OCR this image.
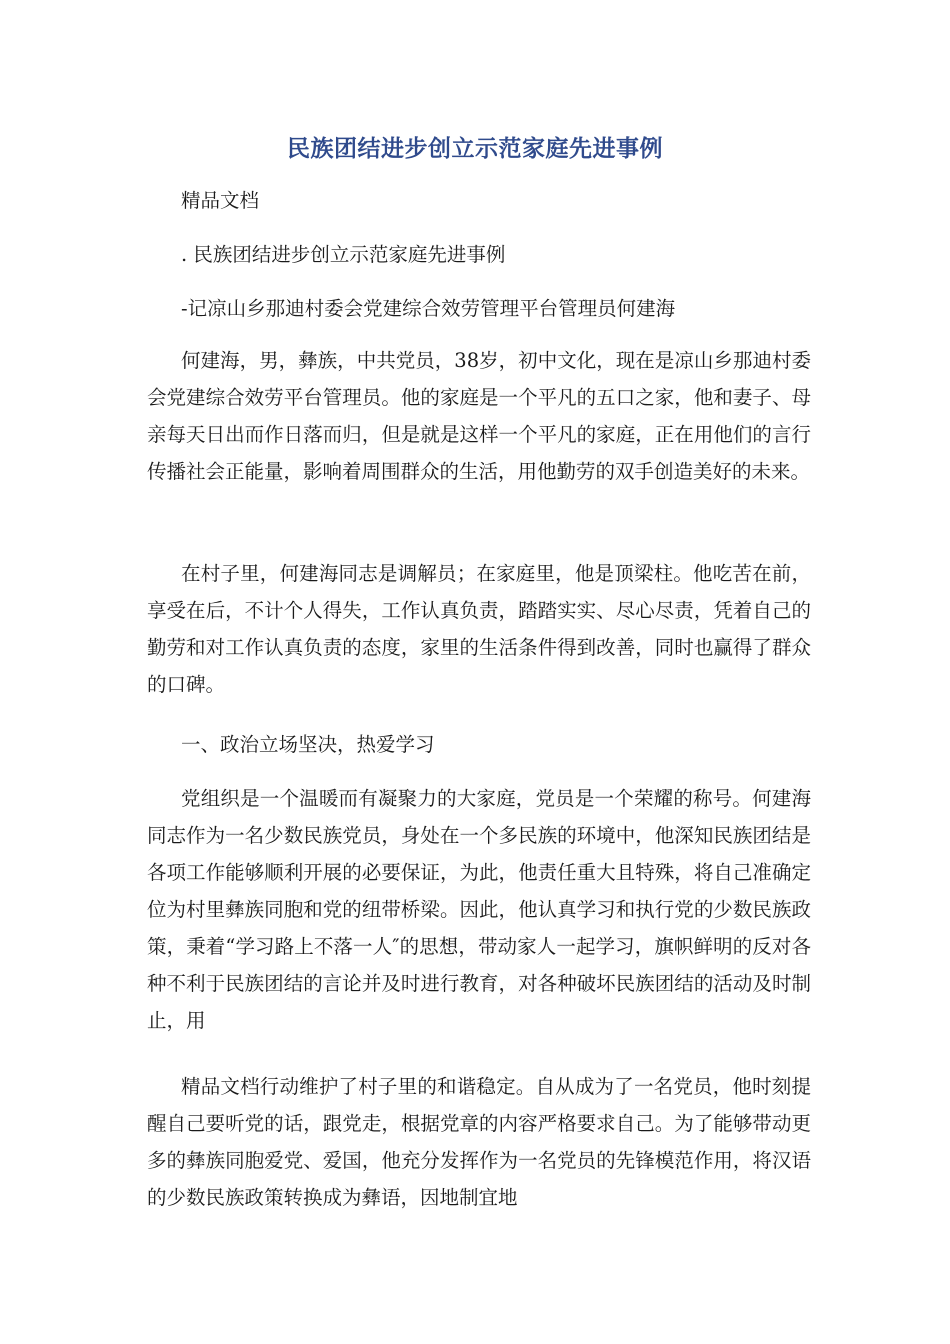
民族团结进步创立示范家庭先进事例
精品文档
. 民族团结进步创立示范家庭先进事例
-记凉山乡那迪村委会党建综合效劳管理平台管理员何建海
何建海，男，彝族，中共党员，38岁，初中文化，现在是凉山乡那迪村委会党建综合效劳平台管理员。他的家庭是一个平凡的五口之家，他和妻子、母亲每天日出而作日落而归，但是就是这样一个平凡的家庭，正在用他们的言行传播社会正能量，影响着周围群众的生活，用他勤劳的双手创造美好的未来。
在村子里，何建海同志是调解员；在家庭里，他是顶梁柱。他吃苦在前，享受在后，不计个人得失，工作认真负责，踏踏实实、尽心尽责，凭着自己的勤劳和对工作认真负责的态度，家里的生活条件得到改善，同时也赢得了群众的口碑。
一、政治立场坚决，热爱学习
党组织是一个温暖而有凝聚力的大家庭，党员是一个荣耀的称号。何建海同志作为一名少数民族党员，身处在一个多民族的环境中，他深知民族团结是各项工作能够顺利开展的必要保证，为此，他责任重大且特殊，将自己准确定位为村里彝族同胞和党的纽带桥梁。因此，他认真学习和执行党的少数民族政策，秉着“学习路上不落一人″的思想，带动家人一起学习，旗帜鲜明的反对各种不利于民族团结的言论并及时进行教育，对各种破坏民族团结的活动及时制止，用
精品文档行动维护了村子里的和谐稳定。自从成为了一名党员，他时刻提醒自己要听党的话，跟党走，根据党章的内容严格要求自己。为了能够带动更多的彝族同胞爱党、爱国，他充分发挥作为一名党员的先锋模范作用，将汉语的少数民族政策转换成为彝语，因地制宜地
